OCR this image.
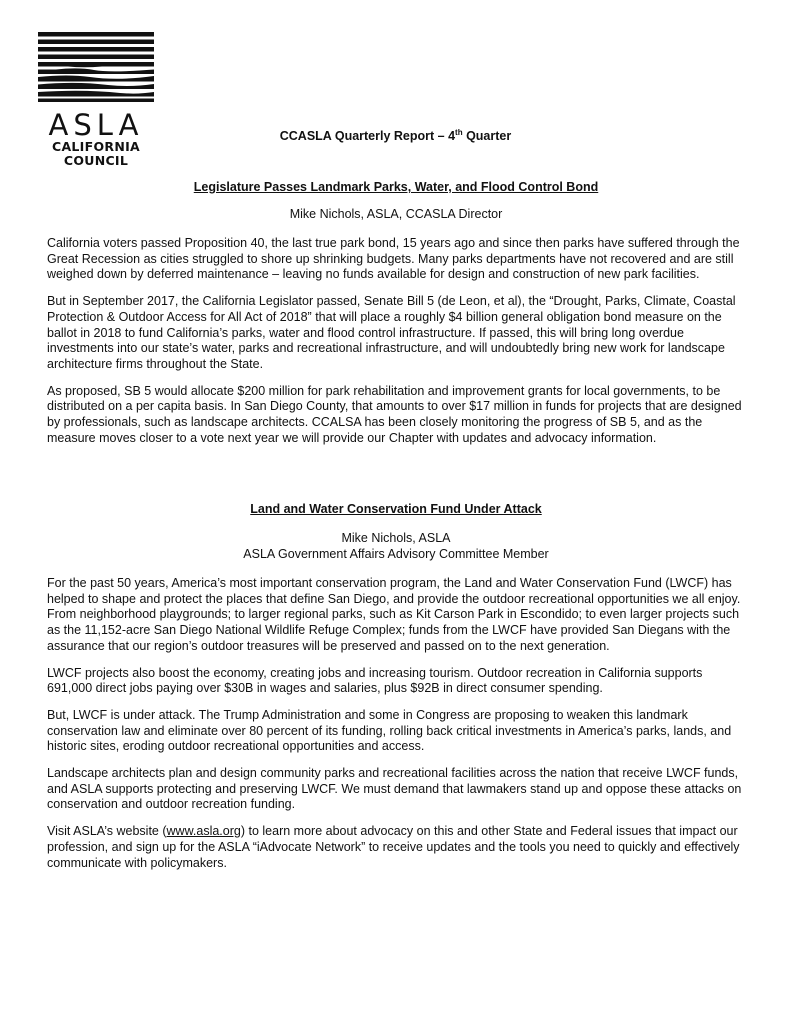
ASLA
CALIFORNIA
COUNCIL
CCASLA Quarterly Report – 4th Quarter

Legislature Passes Landmark Parks, Water, and Flood Control Bond

Mike Nichols, ASLA, CCASLA Director

California voters passed Proposition 40, the last true park bond, 15 years ago and since then parks have suffered through the Great Recession as cities struggled to shore up shrinking budgets. Many parks departments have not recovered and are still weighed down by deferred maintenance – leaving no funds available for design and construction of new park facilities.

But in September 2017, the California Legislator passed, Senate Bill 5 (de Leon, et al), the “Drought, Parks, Climate, Coastal Protection & Outdoor Access for All Act of 2018” that will place a roughly $4 billion general obligation bond measure on the ballot in 2018 to fund California’s parks, water and flood control infrastructure. If passed, this will bring long overdue investments into our state’s water, parks and recreational infrastructure, and will undoubtedly bring new work for landscape architecture firms throughout the State.

As proposed, SB 5 would allocate $200 million for park rehabilitation and improvement grants for local governments, to be distributed on a per capita basis. In San Diego County, that amounts to over $17 million in funds for projects that are designed by professionals, such as landscape architects. CCALSA has been closely monitoring the progress of SB 5, and as the measure moves closer to a vote next year we will provide our Chapter with updates and advocacy information.

Land and Water Conservation Fund Under Attack

Mike Nichols, ASLA

ASLA Government Affairs Advisory Committee Member

For the past 50 years, America’s most important conservation program, the Land and Water Conservation Fund (LWCF) has helped to shape and protect the places that define San Diego, and provide the outdoor recreational opportunities we all enjoy. From neighborhood playgrounds; to larger regional parks, such as Kit Carson Park in Escondido; to even larger projects such as the 11,152-acre San Diego National Wildlife Refuge Complex; funds from the LWCF have provided San Diegans with the assurance that our region’s outdoor treasures will be preserved and passed on to the next generation.

LWCF projects also boost the economy, creating jobs and increasing tourism. Outdoor recreation in California supports 691,000 direct jobs paying over $30B in wages and salaries, plus $92B in direct consumer spending.

But, LWCF is under attack. The Trump Administration and some in Congress are proposing to weaken this landmark conservation law and eliminate over 80 percent of its funding, rolling back critical investments in America’s parks, lands, and historic sites, eroding outdoor recreational opportunities and access.

Landscape architects plan and design community parks and recreational facilities across the nation that receive LWCF funds, and ASLA supports protecting and preserving LWCF. We must demand that lawmakers stand up and oppose these attacks on conservation and outdoor recreation funding.

Visit ASLA’s website (www.asla.org) to learn more about advocacy on this and other State and Federal issues that impact our profession, and sign up for the ASLA “iAdvocate Network” to receive updates and the tools you need to quickly and effectively communicate with policymakers.
